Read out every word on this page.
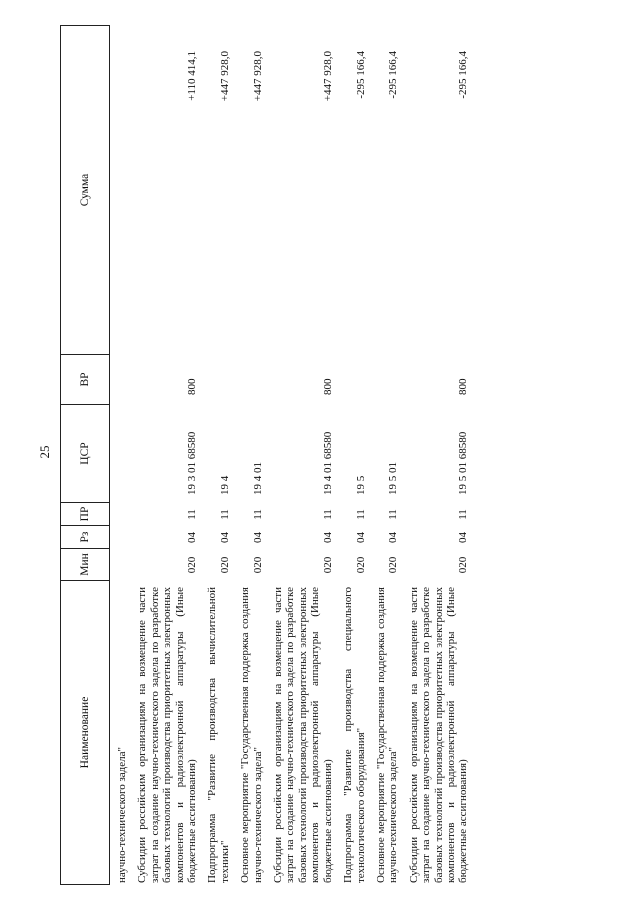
25
Наименование
Мин
Рз
ПР
ЦСР
ВР
Сумма
научно-технического задела" Субсидии российским организациям на возмещение части затрат на создание научно-технического задела по разработке базовых технологий производства приоритетных электронных компонентов и радиоэлектронной аппаратуры (Иные бюджетные ассигнования)
020
04
11
19 3 01 68580
800
+110 414,1
Подпрограмма "Развитие производства вычислительной техники"
020
04
11
19 4
+447 928,0
Основное мероприятие "Государственная поддержка создания научно-технического задела"
020
04
11
19 4 01
+447 928,0
Субсидии российским организациям на возмещение части затрат на создание научно-технического задела по разработке базовых технологий производства приоритетных электронных компонентов и радиоэлектронной аппаратуры (Иные бюджетные ассигнования)
020
04
11
19 4 01 68580
800
+447 928,0
Подпрограмма "Развитие производства специального технологического оборудования"
020
04
11
19 5
-295 166,4
Основное мероприятие "Государственная поддержка создания научно-технического задела"
020
04
11
19 5 01
-295 166,4
Субсидии российским организациям на возмещение части затрат на создание научно-технического задела по разработке базовых технологий производства приоритетных электронных компонентов и радиоэлектронной аппаратуры (Иные бюджетные ассигнования)
020
04
11
19 5 01 68580
800
-295 166,4
